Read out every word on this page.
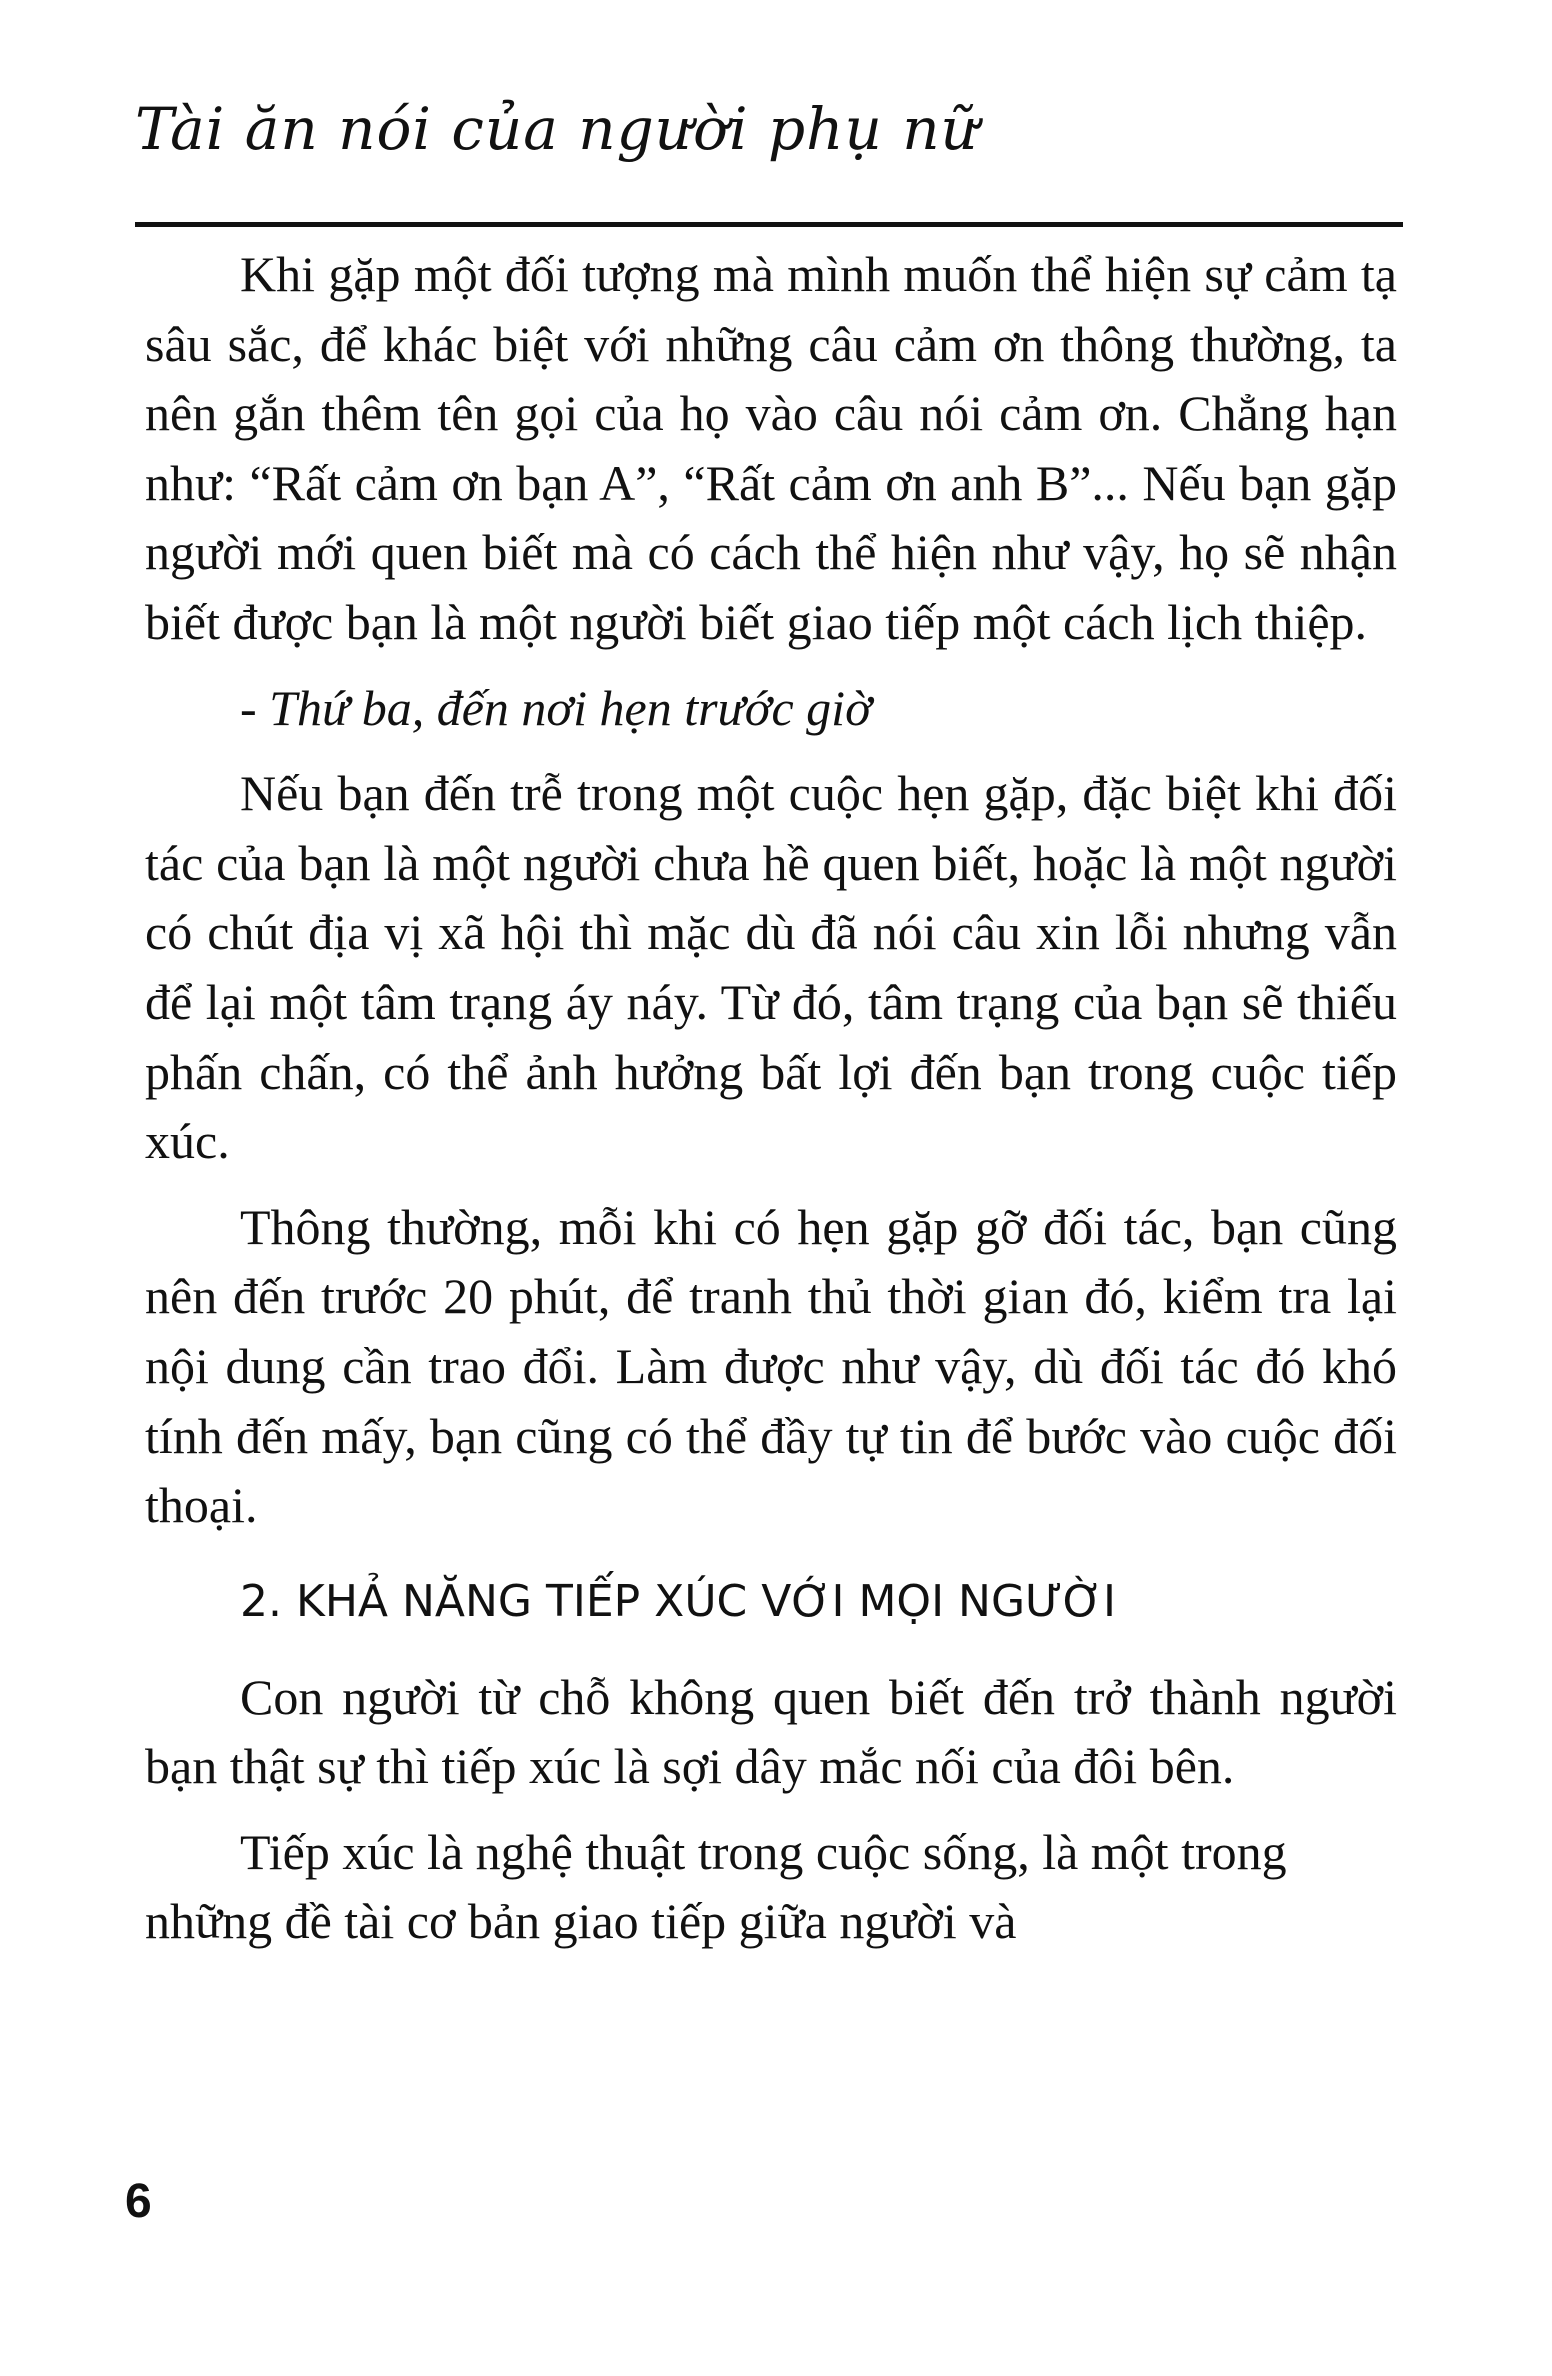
Tài ăn nói của người phụ nữ

Khi gặp một đối tượng mà mình muốn thể hiện sự cảm tạ sâu sắc, để khác biệt với những câu cảm ơn thông thường, ta nên gắn thêm tên gọi của họ vào câu nói cảm ơn. Chẳng hạn như: “Rất cảm ơn bạn A”, “Rất cảm ơn anh B”... Nếu bạn gặp người mới quen biết mà có cách thể hiện như vậy, họ sẽ nhận biết được bạn là một người biết giao tiếp một cách lịch thiệp.

- Thứ ba, đến nơi hẹn trước giờ

Nếu bạn đến trễ trong một cuộc hẹn gặp, đặc biệt khi đối tác của bạn là một người chưa hề quen biết, hoặc là một người có chút địa vị xã hội thì mặc dù đã nói câu xin lỗi nhưng vẫn để lại một tâm trạng áy náy. Từ đó, tâm trạng của bạn sẽ thiếu phấn chấn, có thể ảnh hưởng bất lợi đến bạn trong cuộc tiếp xúc.

Thông thường, mỗi khi có hẹn gặp gỡ đối tác, bạn cũng nên đến trước 20 phút, để tranh thủ thời gian đó, kiểm tra lại nội dung cần trao đổi. Làm được như vậy, dù đối tác đó khó tính đến mấy, bạn cũng có thể đầy tự tin để bước vào cuộc đối thoại.

2. KHẢ NĂNG TIẾP XÚC VỚI MỌI NGƯỜI

Con người từ chỗ không quen biết đến trở thành người bạn thật sự thì tiếp xúc là sợi dây mắc nối của đôi bên.

Tiếp xúc là nghệ thuật trong cuộc sống, là một trong những đề tài cơ bản giao tiếp giữa người và

6
